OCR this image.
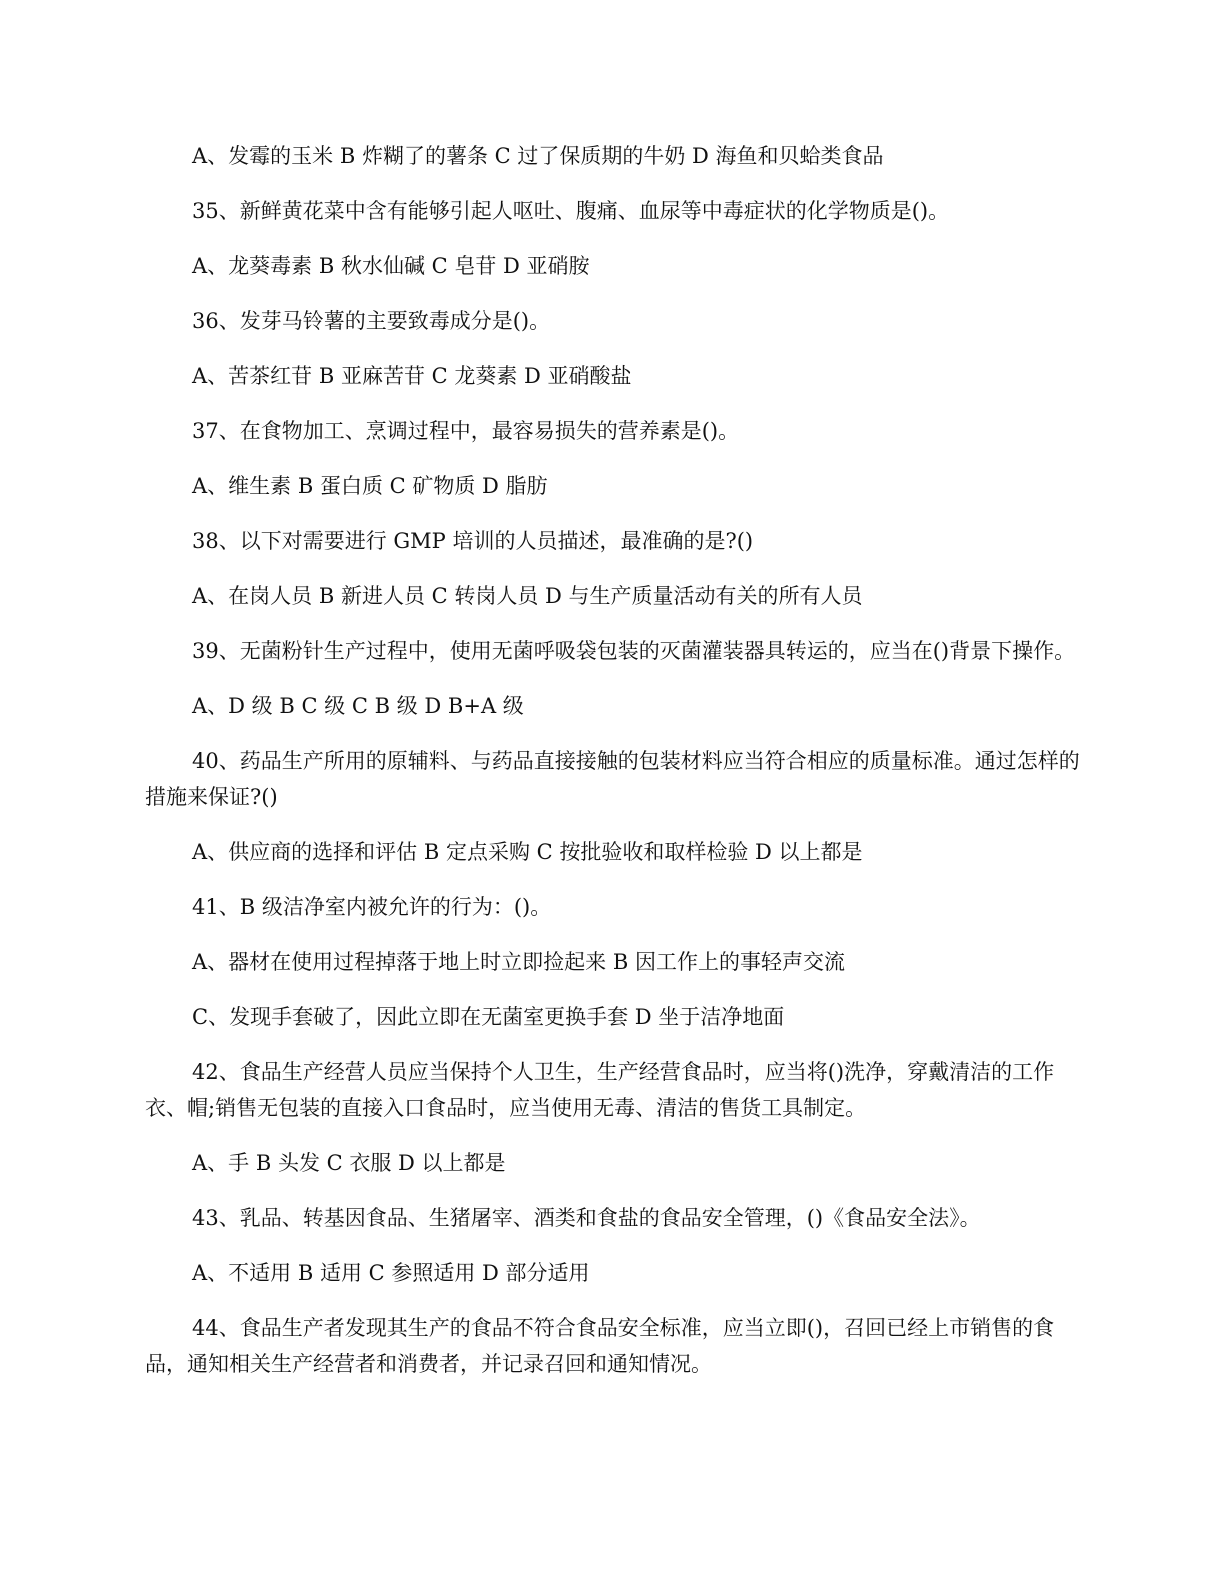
A、发霉的玉米 B 炸糊了的薯条 C 过了保质期的牛奶 D 海鱼和贝蛤类食品
35、新鲜黄花菜中含有能够引起人呕吐、腹痛、血尿等中毒症状的化学物质是()。
A、龙葵毒素 B 秋水仙碱 C 皂苷 D 亚硝胺
36、发芽马铃薯的主要致毒成分是()。
A、苦茶红苷 B 亚麻苦苷 C 龙葵素 D 亚硝酸盐
37、在食物加工、烹调过程中，最容易损失的营养素是()。
A、维生素 B 蛋白质 C 矿物质 D 脂肪
38、以下对需要进行 GMP 培训的人员描述，最准确的是?()
A、在岗人员 B 新进人员 C 转岗人员 D 与生产质量活动有关的所有人员
39、无菌粉针生产过程中，使用无菌呼吸袋包装的灭菌灌装器具转运的，应当在()背景下操作。
A、D 级 B C 级 C B 级 D B+A 级
40、药品生产所用的原辅料、与药品直接接触的包装材料应当符合相应的质量标准。通过怎样的措施来保证?()
A、供应商的选择和评估 B 定点采购 C 按批验收和取样检验 D 以上都是
41、B 级洁净室内被允许的行为：()。
A、器材在使用过程掉落于地上时立即捡起来 B 因工作上的事轻声交流
C、发现手套破了，因此立即在无菌室更换手套 D 坐于洁净地面
42、食品生产经营人员应当保持个人卫生，生产经营食品时，应当将()洗净，穿戴清洁的工作衣、帽;销售无包装的直接入口食品时，应当使用无毒、清洁的售货工具制定。
A、手 B 头发 C 衣服 D 以上都是
43、乳品、转基因食品、生猪屠宰、酒类和食盐的食品安全管理，()《食品安全法》。
A、不适用 B 适用 C 参照适用 D 部分适用
44、食品生产者发现其生产的食品不符合食品安全标准，应当立即()，召回已经上市销售的食品，通知相关生产经营者和消费者，并记录召回和通知情况。
